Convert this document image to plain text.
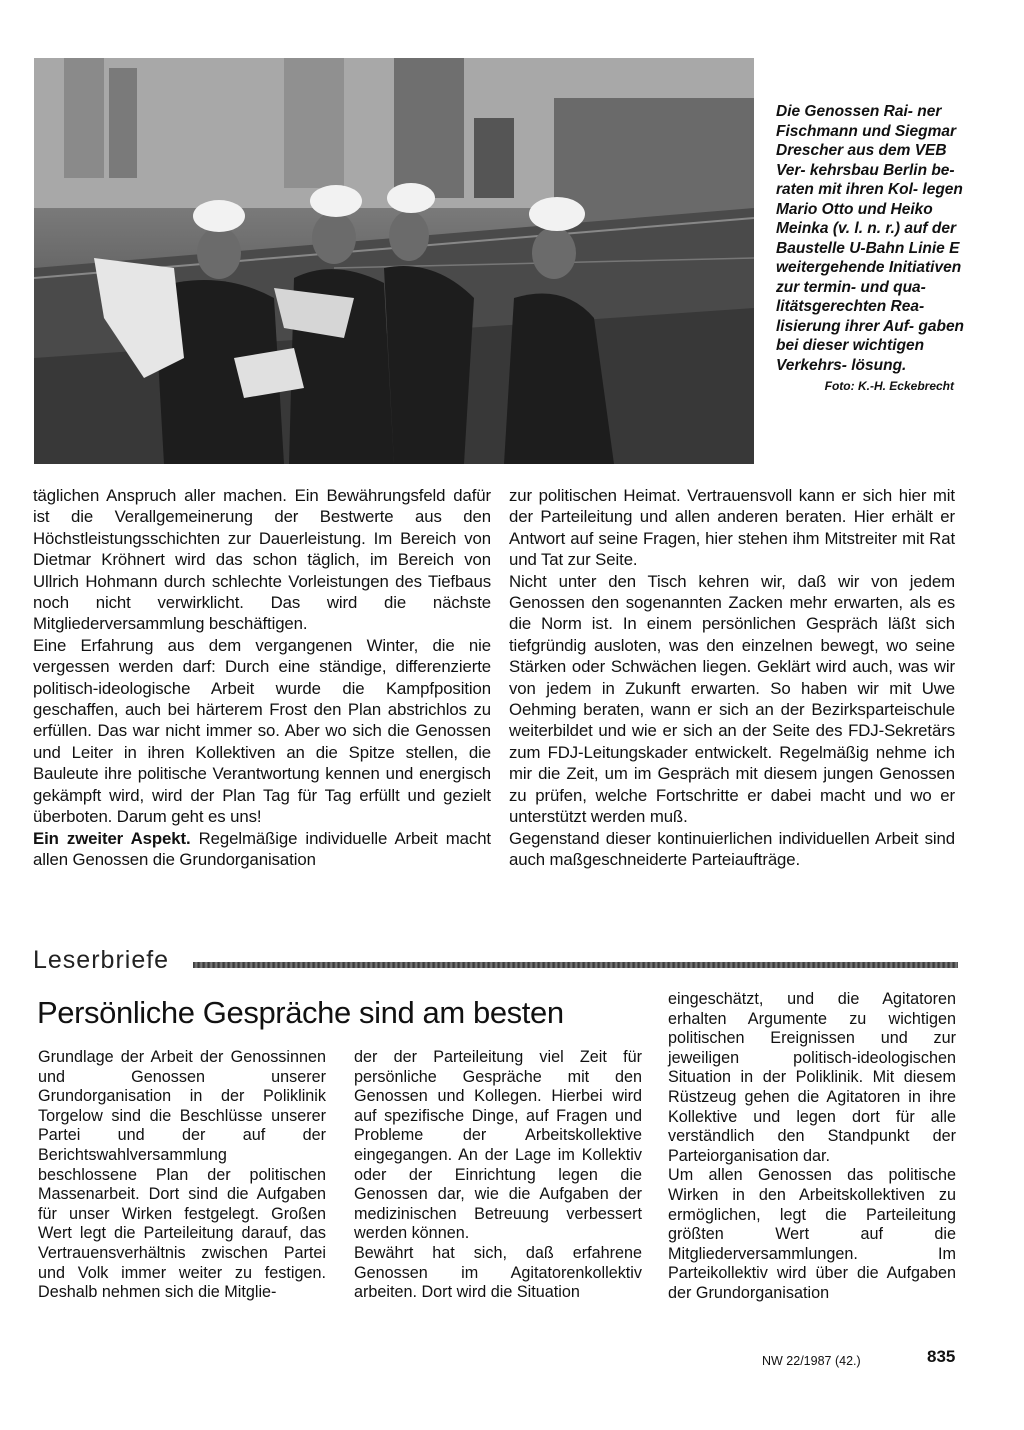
Die Genossen Rai- ner Fischmann und Siegmar Drescher aus dem VEB Ver- kehrsbau Berlin be- raten mit ihren Kol- legen Mario Otto und Heiko Meinka (v. l. n. r.) auf der Baustelle U-Bahn Linie E weitergehende Initiativen zur termin- und qua- litätsgerechten Rea- lisierung ihrer Auf- gaben bei dieser wichtigen Verkehrs- lösung.
Foto: K.-H. Eckebrecht

täglichen Anspruch aller machen. Ein Bewährungsfeld dafür ist die Verallgemeinerung der Bestwerte aus den Höchstleistungsschichten zur Dauerleistung. Im Bereich von Dietmar Kröhnert wird das schon täglich, im Bereich von Ullrich Hohmann durch schlechte Vorleistungen des Tiefbaus noch nicht verwirklicht. Das wird die nächste Mitgliederversammlung beschäftigen.

Eine Erfahrung aus dem vergangenen Winter, die nie vergessen werden darf: Durch eine ständige, differenzierte politisch-ideologische Arbeit wurde die Kampfposition geschaffen, auch bei härterem Frost den Plan abstrichlos zu erfüllen. Das war nicht immer so. Aber wo sich die Genossen und Leiter in ihren Kollektiven an die Spitze stellen, die Bauleute ihre politische Verantwortung kennen und energisch gekämpft wird, wird der Plan Tag für Tag erfüllt und gezielt überboten. Darum geht es uns!

Ein zweiter Aspekt. Regelmäßige individuelle Arbeit macht allen Genossen die Grundorganisation

zur politischen Heimat. Vertrauensvoll kann er sich hier mit der Parteileitung und allen anderen beraten. Hier erhält er Antwort auf seine Fragen, hier stehen ihm Mitstreiter mit Rat und Tat zur Seite.

Nicht unter den Tisch kehren wir, daß wir von jedem Genossen den sogenannten Zacken mehr erwarten, als es die Norm ist. In einem persönlichen Gespräch läßt sich tiefgründig ausloten, was den einzelnen bewegt, wo seine Stärken oder Schwächen liegen. Geklärt wird auch, was wir von jedem in Zukunft erwarten. So haben wir mit Uwe Oehming beraten, wann er sich an der Bezirksparteischule weiterbildet und wie er sich an der Seite des FDJ-Sekretärs zum FDJ-Leitungskader entwickelt. Regelmäßig nehme ich mir die Zeit, um im Gespräch mit diesem jungen Genossen zu prüfen, welche Fortschritte er dabei macht und wo er unterstützt werden muß.

Gegenstand dieser kontinuierlichen individuellen Arbeit sind auch maßgeschneiderte Parteiaufträge.

Leserbriefe
Persönliche Gespräche sind am besten

Grundlage der Arbeit der Genossinnen und Genossen unserer Grundorganisation in der Poliklinik Torgelow sind die Beschlüsse unserer Partei und der auf der Berichtswahlversammlung beschlossene Plan der politischen Massenarbeit. Dort sind die Aufgaben für unser Wirken festgelegt. Großen Wert legt die Parteileitung darauf, das Vertrauensverhältnis zwischen Partei und Volk immer weiter zu festigen. Deshalb nehmen sich die Mitglie-

der der Parteileitung viel Zeit für persönliche Gespräche mit den Genossen und Kollegen. Hierbei wird auf spezifische Dinge, auf Fragen und Probleme der Arbeitskollektive eingegangen. An der Lage im Kollektiv oder der Einrichtung legen die Genossen dar, wie die Aufgaben der medizinischen Betreuung verbessert werden können.

Bewährt hat sich, daß erfahrene Genossen im Agitatorenkollektiv arbeiten. Dort wird die Situation

eingeschätzt, und die Agitatoren erhalten Argumente zu wichtigen politischen Ereignissen und zur jeweiligen politisch-ideologischen Situation in der Poliklinik. Mit diesem Rüstzeug gehen die Agitatoren in ihre Kollektive und legen dort für alle verständlich den Standpunkt der Parteiorganisation dar.

Um allen Genossen das politische Wirken in den Arbeitskollektiven zu ermöglichen, legt die Parteileitung größten Wert auf die Mitgliederversammlungen. Im Parteikollektiv wird über die Aufgaben der Grundorganisation

NW 22/1987 (42.)	835
